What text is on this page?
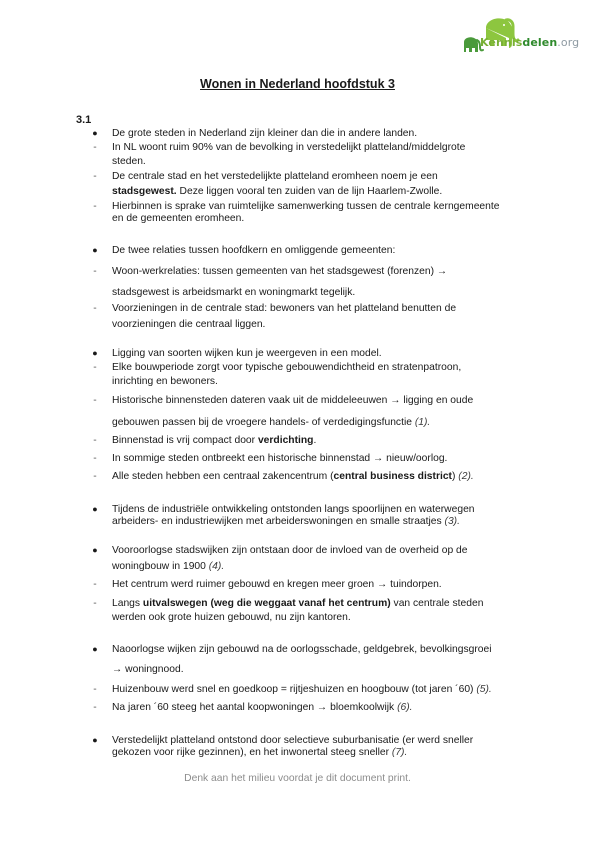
Kennisdelen.org
Wonen in Nederland hoofdstuk 3
3.1
●	De grote steden in Nederland zijn kleiner dan die in andere landen.
-	In NL woont ruim 90% van de bevolking in verstedelijkt platteland/middelgrote
steden.
-	De centrale stad en het verstedelijkte platteland eromheen noem je een
stadsgewest. Deze liggen vooral ten zuiden van de lijn Haarlem-Zwolle.
-	Hierbinnen is sprake van ruimtelijke samenwerking tussen de centrale kerngemeente
en de gemeenten eromheen.
●	De twee relaties tussen hoofdkern en omliggende gemeenten:
-	Woon-werkrelaties: tussen gemeenten van het stadsgewest (forenzen) →
stadsgewest is arbeidsmarkt en woningmarkt tegelijk.
-	Voorzieningen in de centrale stad: bewoners van het platteland benutten de
voorzieningen die centraal liggen.
●	Ligging van soorten wijken kun je weergeven in een model.
-	Elke bouwperiode zorgt voor typische gebouwendichtheid en stratenpatroon,
inrichting en bewoners.
-	Historische binnensteden dateren vaak uit de middeleeuwen → ligging en oude
gebouwen passen bij de vroegere handels- of verdedigingsfunctie (1).
-	Binnenstad is vrij compact door verdichting.
-	In sommige steden ontbreekt een historische binnenstad → nieuw/oorlog.
-	Alle steden hebben een centraal zakencentrum (central business district) (2).
●	Tijdens de industriële ontwikkeling ontstonden langs spoorlijnen en waterwegen
arbeiders- en industriewijken met arbeiderswoningen en smalle straatjes (3).
●	Vooroorlogse stadswijken zijn ontstaan door de invloed van de overheid op de
woningbouw in 1900 (4).
-	Het centrum werd ruimer gebouwd en kregen meer groen → tuindorpen.
-	Langs uitvalswegen (weg die weggaat vanaf het centrum) van centrale steden
werden ook grote huizen gebouwd, nu zijn kantoren.
●	Naoorlogse wijken zijn gebouwd na de oorlogsschade, geldgebrek, bevolkingsgroei
→ woningnood.
-	Huizenbouw werd snel en goedkoop = rijtjeshuizen en hoogbouw (tot jaren ´60) (5).
-	Na jaren ´60 steeg het aantal koopwoningen → bloemkoolwijk (6).
●	Verstedelijkt platteland ontstond door selectieve suburbanisatie (er werd sneller
gekozen voor rijke gezinnen), en het inwonertal steeg sneller (7).
Denk aan het milieu voordat je dit document print.
